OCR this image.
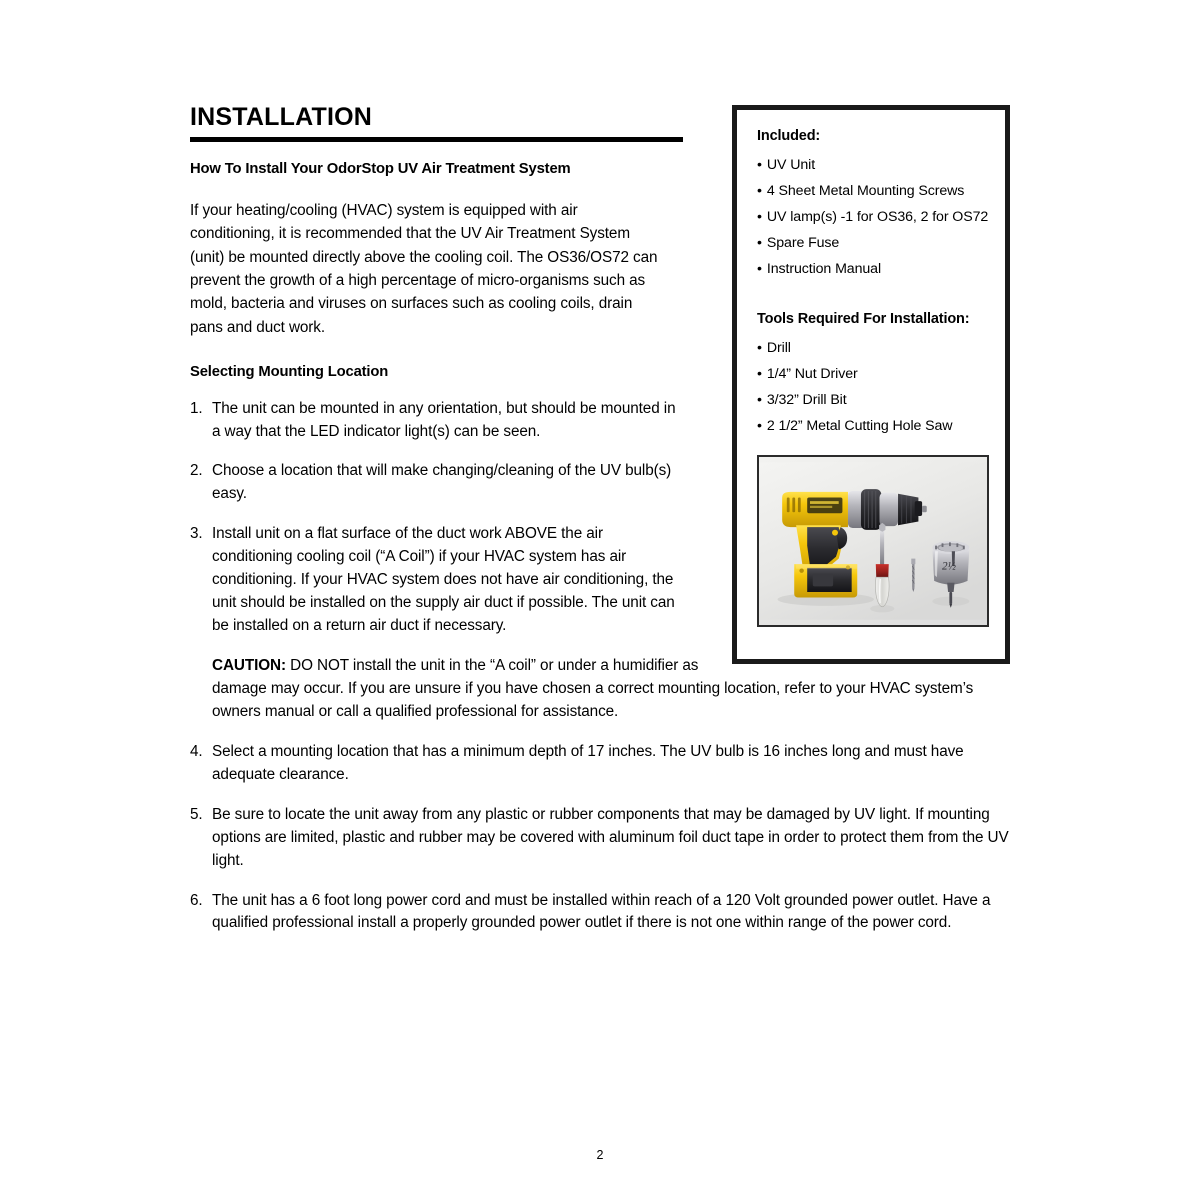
Included:
• UV Unit
• 4 Sheet Metal Mounting Screws
• UV lamp(s) -1 for OS36, 2 for OS72
• Spare Fuse
• Instruction Manual
Tools Required For Installation:
• Drill
• 1/4” Nut Driver
• 3/32” Drill Bit
• 2 1/2” Metal Cutting Hole Saw
2½
INSTALLATION
How To Install Your OdorStop UV Air Treatment System

If your heating/cooling (HVAC) system is equipped with air conditioning, it is recommended that the UV Air Treatment System (unit) be mounted directly above the cooling coil. The OS36/OS72 can prevent the growth of a high percentage of micro-organisms such as mold, bacteria and viruses on surfaces such as cooling coils, drain pans and duct work.

Selecting Mounting Location

1. The unit can be mounted in any orientation, but should be mounted in a way that the LED indicator light(s) can be seen.

2. Choose a location that will make changing/cleaning of the UV bulb(s) easy.

3. Install unit on a flat surface of the duct work ABOVE the air conditioning cooling coil (“A Coil”) if your HVAC system has air conditioning. If your HVAC system does not have air conditioning, the unit should be installed on the supply air duct if possible. The unit can be installed on a return air duct if necessary.

CAUTION: DO NOT install the unit in the “A coil” or under a humidifier as damage may occur. If you are unsure if you have chosen a correct mounting location, refer to your HVAC system’s owners manual or call a qualified professional for assistance.

4. Select a mounting location that has a minimum depth of 17 inches. The UV bulb is 16 inches long and must have adequate clearance.

5. Be sure to locate the unit away from any plastic or rubber components that may be damaged by UV light. If mounting options are limited, plastic and rubber may be covered with aluminum foil duct tape in order to protect them from the UV light.

6. The unit has a 6 foot long power cord and must be installed within reach of a 120 Volt grounded power outlet. Have a qualified professional install a properly grounded power outlet if there is not one within range of the power cord.

2
